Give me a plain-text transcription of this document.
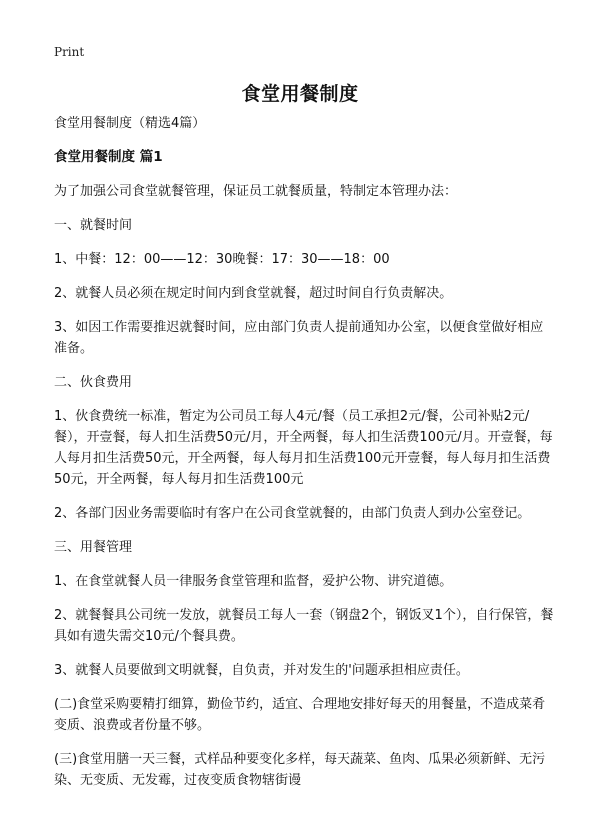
Print
食堂用餐制度

食堂用餐制度（精选4篇）

食堂用餐制度 篇1

为了加强公司食堂就餐管理，保证员工就餐质量，特制定本管理办法：

一、就餐时间

1、中餐：12：00——12：30晚餐：17：30——18：00

2、就餐人员必须在规定时间内到食堂就餐，超过时间自行负责解决。

3、如因工作需要推迟就餐时间，应由部门负责人提前通知办公室，以便食堂做好相应准备。

二、伙食费用

1、伙食费统一标准，暂定为公司员工每人4元/餐（员工承担2元/餐，公司补贴2元/餐），开壹餐，每人扣生活费50元/月，开全两餐，每人扣生活费100元/月。开壹餐，每人每月扣生活费50元，开全两餐，每人每月扣生活费100元开壹餐，每人每月扣生活费50元，开全两餐，每人每月扣生活费100元

2、各部门因业务需要临时有客户在公司食堂就餐的，由部门负责人到办公室登记。

三、用餐管理

1、在食堂就餐人员一律服务食堂管理和监督，爱护公物、讲究道德。

2、就餐餐具公司统一发放，就餐员工每人一套（钢盘2个，钢饭叉1个），自行保管，餐具如有遗失需交10元/个餐具费。

3、就餐人员要做到文明就餐，自负责，并对发生的'问题承担相应责任。

(二)食堂采购要精打细算，勤俭节约，适宜、合理地安排好每天的用餐量，不造成菜肴变质、浪费或者份量不够。

(三)食堂用膳一天三餐，式样品种要变化多样，每天蔬菜、鱼肉、瓜果必须新鲜、无污染、无变质、无发霉，过夜变质食物辖街谩
